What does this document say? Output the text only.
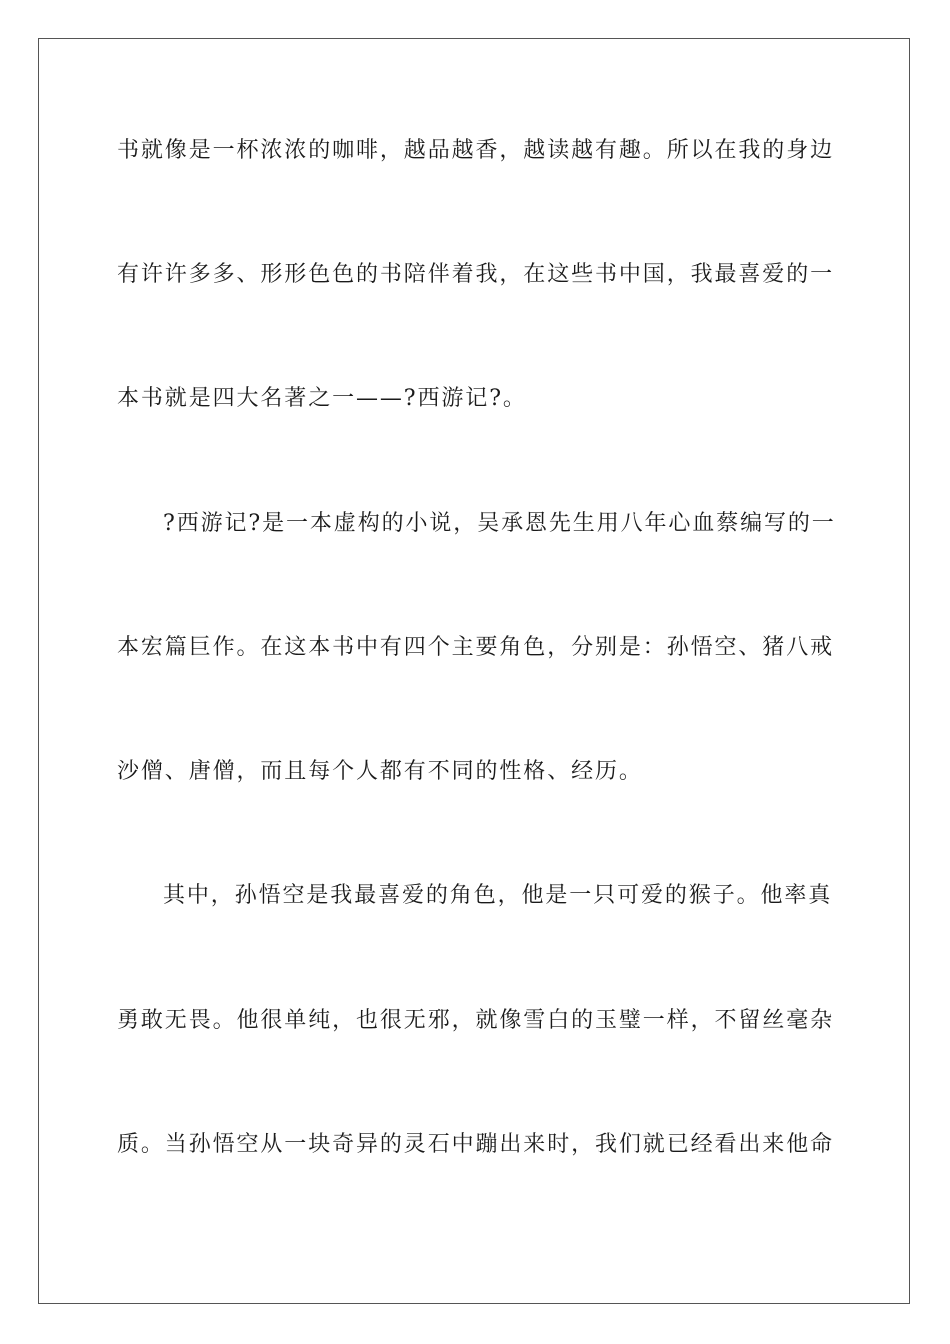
书就像是一杯浓浓的咖啡，越品越香，越读越有趣。所以在我的身边
有许许多多、形形色色的书陪伴着我，在这些书中国，我最喜爱的一
本书就是四大名著之一——?西游记?。
?西游记?是一本虚构的小说，吴承恩先生用八年心血蔡编写的一
本宏篇巨作。在这本书中有四个主要角色，分别是：孙悟空、猪八戒
沙僧、唐僧，而且每个人都有不同的性格、经历。
其中，孙悟空是我最喜爱的角色，他是一只可爱的猴子。他率真
勇敢无畏。他很单纯，也很无邪，就像雪白的玉璧一样，不留丝毫杂
质。当孙悟空从一块奇异的灵石中蹦出来时，我们就已经看出来他命
